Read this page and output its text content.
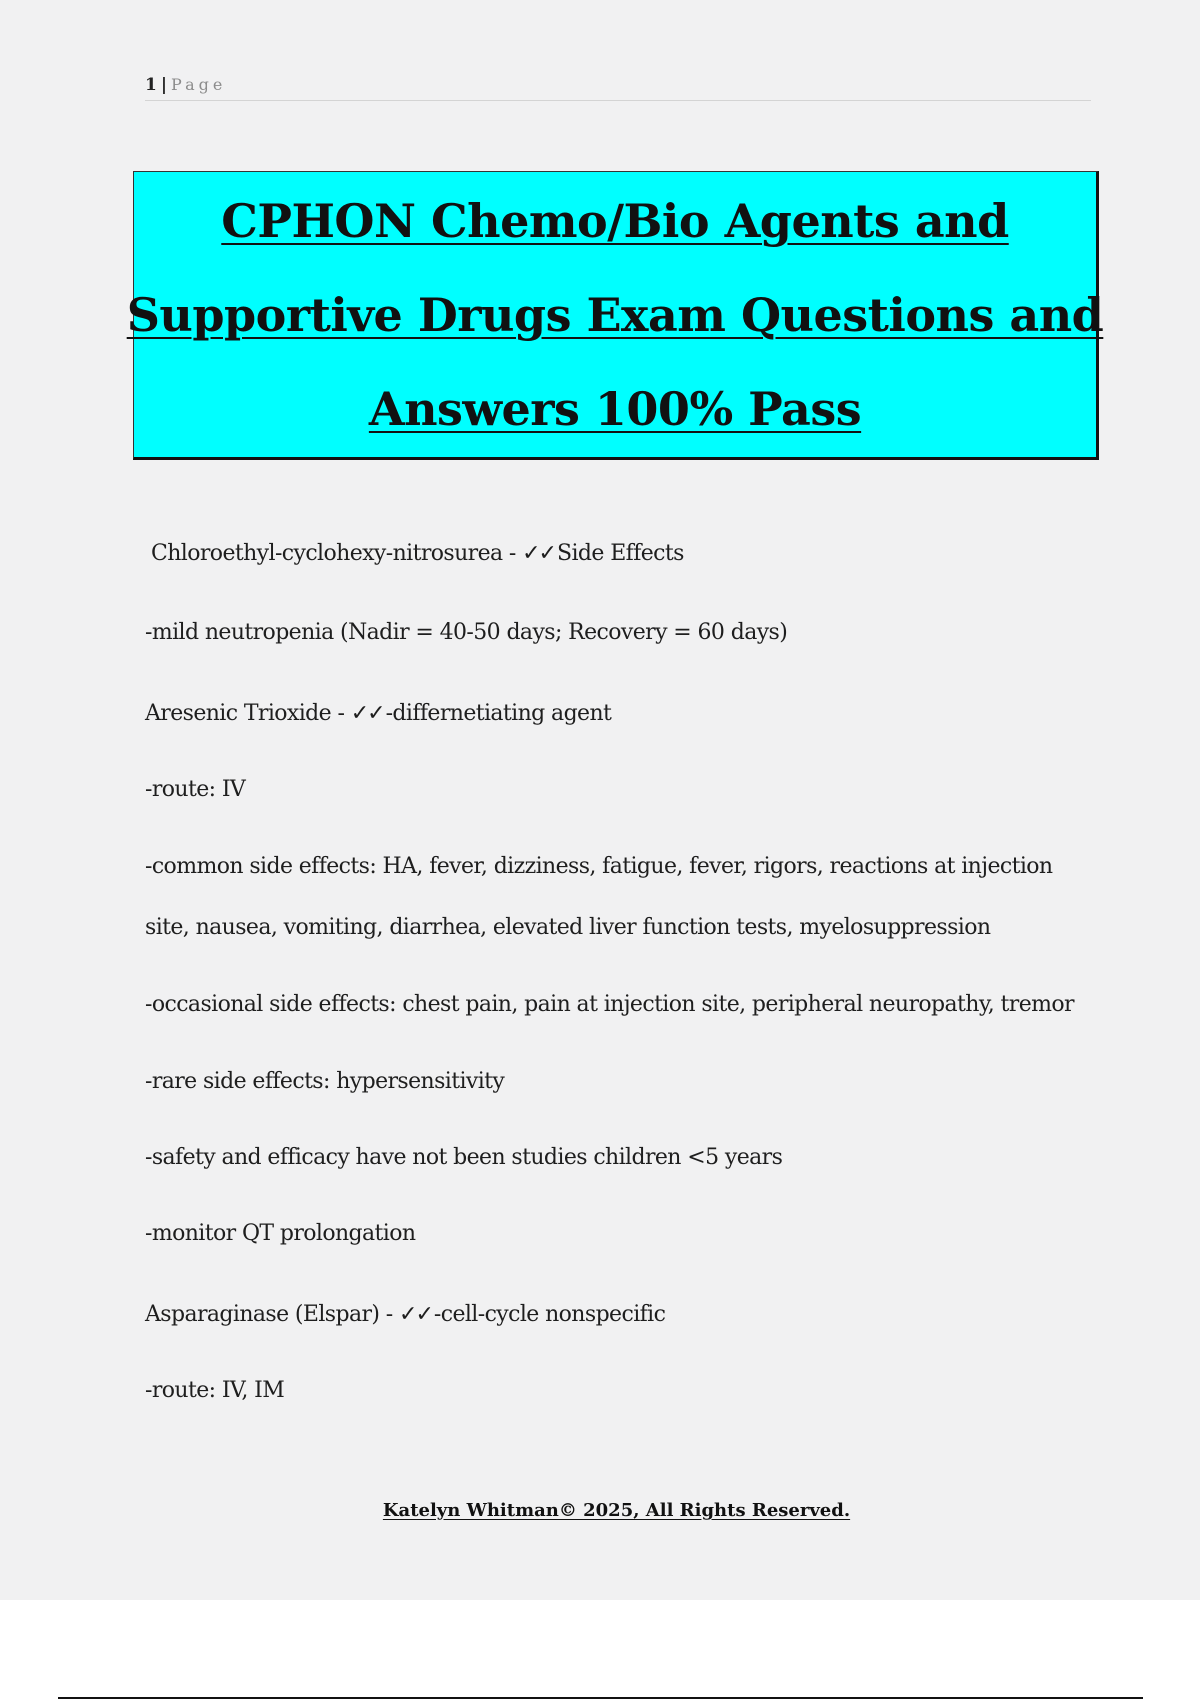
1 | Page
CPHON Chemo/Bio Agents and
Supportive Drugs Exam Questions and
Answers 100% Pass
Chloroethyl-cyclohexy-nitrosurea - ✓✓Side Effects
-mild neutropenia (Nadir = 40-50 days; Recovery = 60 days)
Aresenic Trioxide - ✓✓-differnetiating agent
-route: IV
-common side effects: HA, fever, dizziness, fatigue, fever, rigors, reactions at injection
site, nausea, vomiting, diarrhea, elevated liver function tests, myelosuppression
-occasional side effects: chest pain, pain at injection site, peripheral neuropathy, tremor
-rare side effects: hypersensitivity
-safety and efficacy have not been studies children <5 years
-monitor QT prolongation
Asparaginase (Elspar) - ✓✓-cell-cycle nonspecific
-route: IV, IM
Katelyn Whitman© 2025, All Rights Reserved.
